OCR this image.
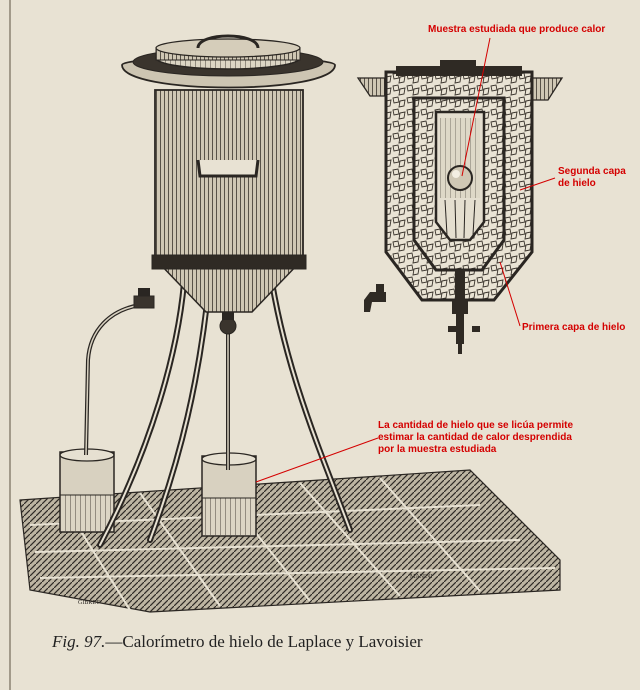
GIBRET
MANINI
Muestra estudiada que produce calor
Segunda capa
de hielo
Primera capa de hielo
La cantidad de hielo que se licúa permite
estimar la cantidad de calor desprendida
por la muestra estudiada
Fig. 97.—Calorímetro de hielo de Laplace y Lavoisier
